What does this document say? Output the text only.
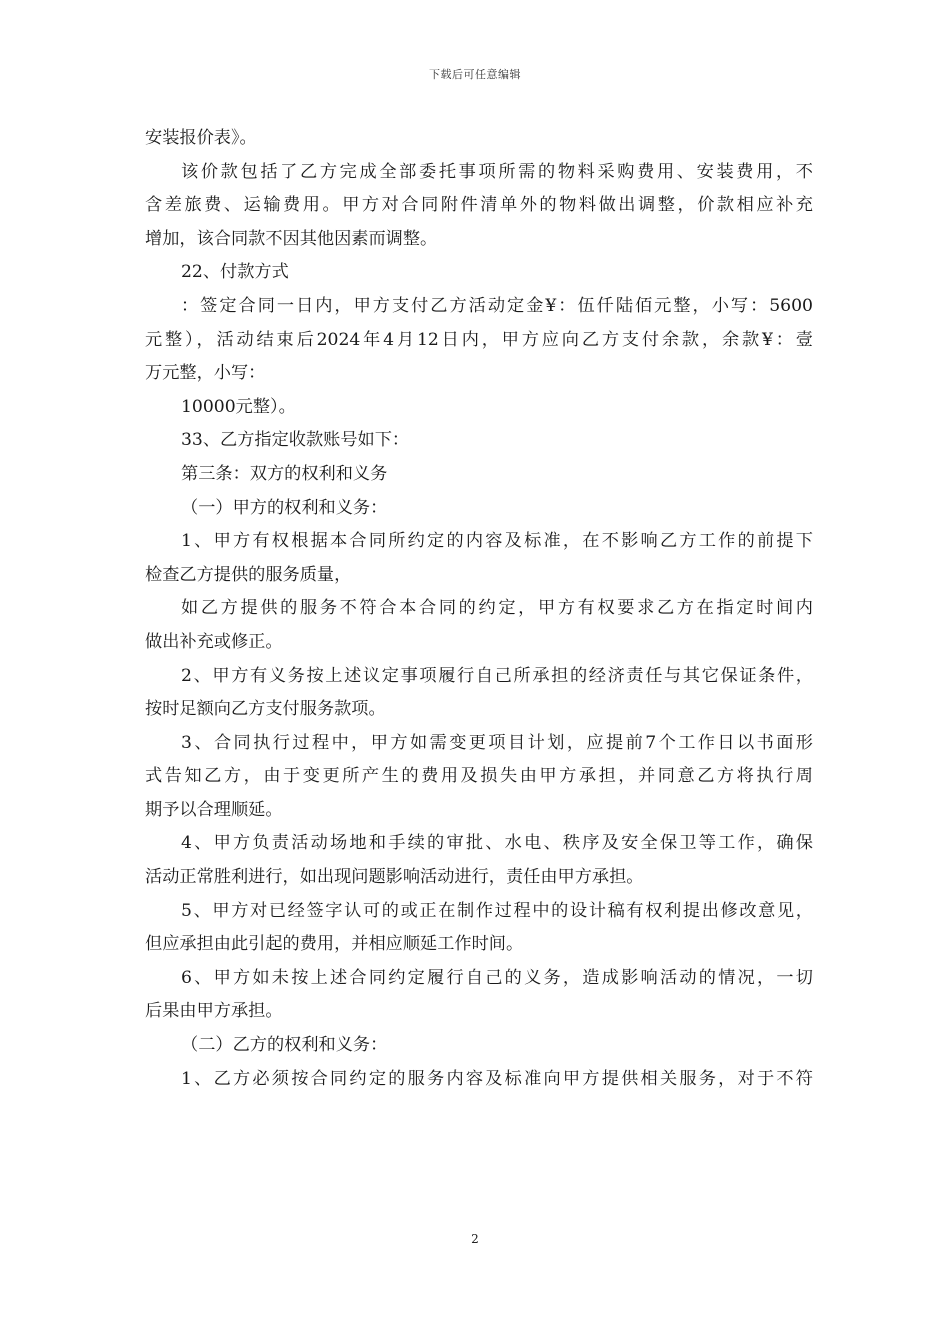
下载后可任意编辑
安装报价表》。
该价款包括了乙方完成全部委托事项所需的物料采购费用、安装费用，不
含差旅费、运输费用。甲方对合同附件清单外的物料做出调整，价款相应补充
增加，该合同款不因其他因素而调整。
22、付款方式
：签定合同一日内，甲方支付乙方活动定金¥：伍仟陆佰元整，小写：5600
元整），活动结束后2024年4月12日内，甲方应向乙方支付余款，余款¥：壹
万元整，小写：
10000元整）。
33、乙方指定收款账号如下：
第三条：双方的权利和义务
（一）甲方的权利和义务：
1、甲方有权根据本合同所约定的内容及标准，在不影响乙方工作的前提下
检查乙方提供的服务质量，
如乙方提供的服务不符合本合同的约定，甲方有权要求乙方在指定时间内
做出补充或修正。
2、甲方有义务按上述议定事项履行自己所承担的经济责任与其它保证条件，
按时足额向乙方支付服务款项。
3、合同执行过程中，甲方如需变更项目计划，应提前7个工作日以书面形
式告知乙方，由于变更所产生的费用及损失由甲方承担，并同意乙方将执行周
期予以合理顺延。
4、甲方负责活动场地和手续的审批、水电、秩序及安全保卫等工作，确保
活动正常胜利进行，如出现问题影响活动进行，责任由甲方承担。
5、甲方对已经签字认可的或正在制作过程中的设计稿有权利提出修改意见，
但应承担由此引起的费用，并相应顺延工作时间。
6、甲方如未按上述合同约定履行自己的义务，造成影响活动的情况，一切
后果由甲方承担。
（二）乙方的权利和义务：
1、乙方必须按合同约定的服务内容及标准向甲方提供相关服务，对于不符
2
